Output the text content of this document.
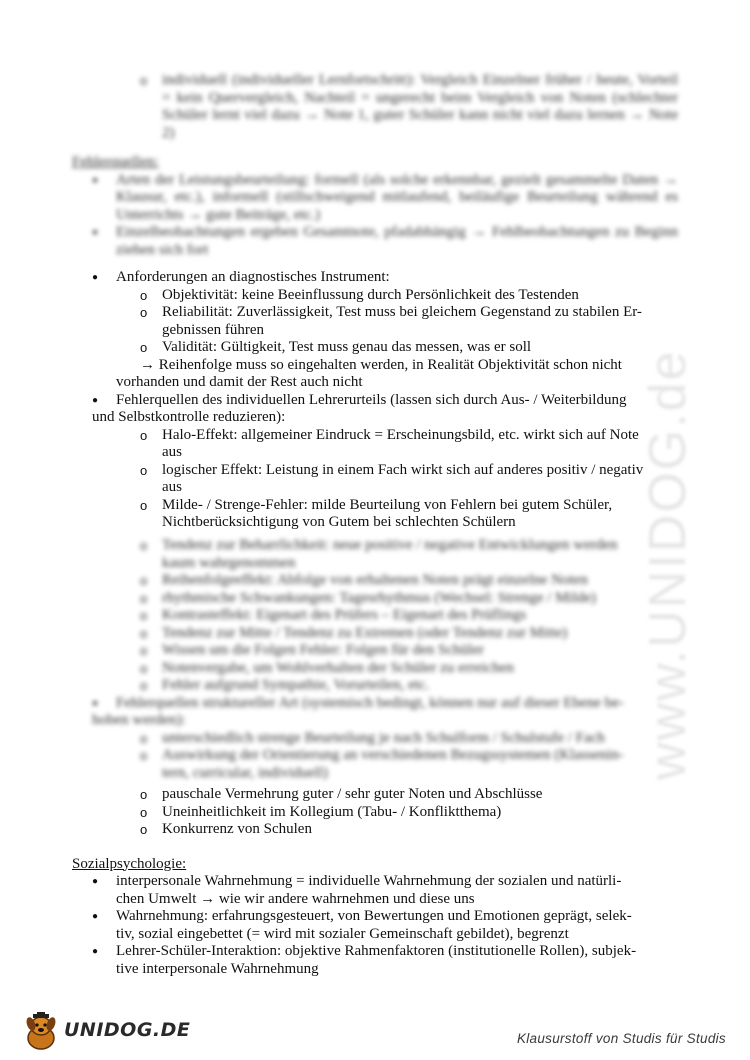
www.UNIDOG.de
o individuell (individueller Lernfortschritt): Vergleich Einzelner früher / heute, Vorteil = kein Quervergleich, Nachteil = ungerecht beim Vergleich von Noten (schlechter Schüler lernt viel dazu → Note 1, guter Schüler kann nicht viel dazu lernen → Note 2)
Fehlerquellen:
● Arten der Leistungsbeurteilung: formell (als solche erkennbar, gezielt gesammelte Daten → Klausur, etc.), informell (stillschweigend mitlaufend, beiläufige Beurteilung während es Unterrichts → gute Beiträge, etc.)
● Einzelbeobachtungen ergeben Gesamtnote, pfadabhängig → Fehlbeobachtungen zu Beginn ziehen sich fort
● Anforderungen an diagnostisches Instrument:
o Objektivität: keine Beeinflussung durch Persönlichkeit des Testenden
o Reliabilität: Zuverlässigkeit, Test muss bei gleichem Gegenstand zu stabilen Er-
gebnissen führen
o Validität: Gültigkeit, Test muss genau das messen, was er soll
→ Reihenfolge muss so eingehalten werden, in Realität Objektivität schon nicht
vorhanden und damit der Rest auch nicht
● Fehlerquellen des individuellen Lehrerurteils (lassen sich durch Aus- / Weiterbildung
und Selbstkontrolle reduzieren):
o Halo-Effekt: allgemeiner Eindruck = Erscheinungsbild, etc. wirkt sich auf Note
aus
o logischer Effekt: Leistung in einem Fach wirkt sich auf anderes positiv / negativ
aus
o Milde- / Strenge-Fehler: milde Beurteilung von Fehlern bei gutem Schüler,
Nichtberücksichtigung von Gutem bei schlechten Schülern
o Tendenz zur Beharrlichkeit: neue positive / negative Entwicklungen werden
kaum wahrgenommen
o Reihenfolgeeffekt: Abfolge von erhaltenen Noten prägt einzelne Noten
o rhythmische Schwankungen: Tagesrhythmus (Wechsel: Strenge / Milde)
o Kontrasteffekt: Eigenart des Prüfers – Eigenart des Prüflings
o Tendenz zur Mitte / Tendenz zu Extremen (oder Tendenz zur Mitte)
o Wissen um die Folgen Fehler: Folgen für den Schüler
o Notenvergabe, um Wohlverhalten der Schüler zu erreichen
o Fehler aufgrund Sympathie, Vorurteilen, etc.
● Fehlerquellen struktureller Art (systemisch bedingt, können nur auf dieser Ebene be-
hoben werden):
o unterschiedlich strenge Beurteilung je nach Schulform / Schulstufe / Fach
o Auswirkung der Orientierung an verschiedenen Bezugssystemen (Klassenin-
tern, curricular, individuell)
o pauschale Vermehrung guter / sehr guter Noten und Abschlüsse
o Uneinheitlichkeit im Kollegium (Tabu- / Konfliktthema)
o Konkurrenz von Schulen
Sozialpsychologie:
● interpersonale Wahrnehmung = individuelle Wahrnehmung der sozialen und natürli-
chen Umwelt → wie wir andere wahrnehmen und diese uns
● Wahrnehmung: erfahrungsgesteuert, von Bewertungen und Emotionen geprägt, selek-
tiv, sozial eingebettet (= wird mit sozialer Gemeinschaft gebildet), begrenzt
● Lehrer-Schüler-Interaktion: objektive Rahmenfaktoren (institutionelle Rollen), subjek-
tive interpersonale Wahrnehmung
UNIDOG.DE	Klausurstoff von Studis für Studis
